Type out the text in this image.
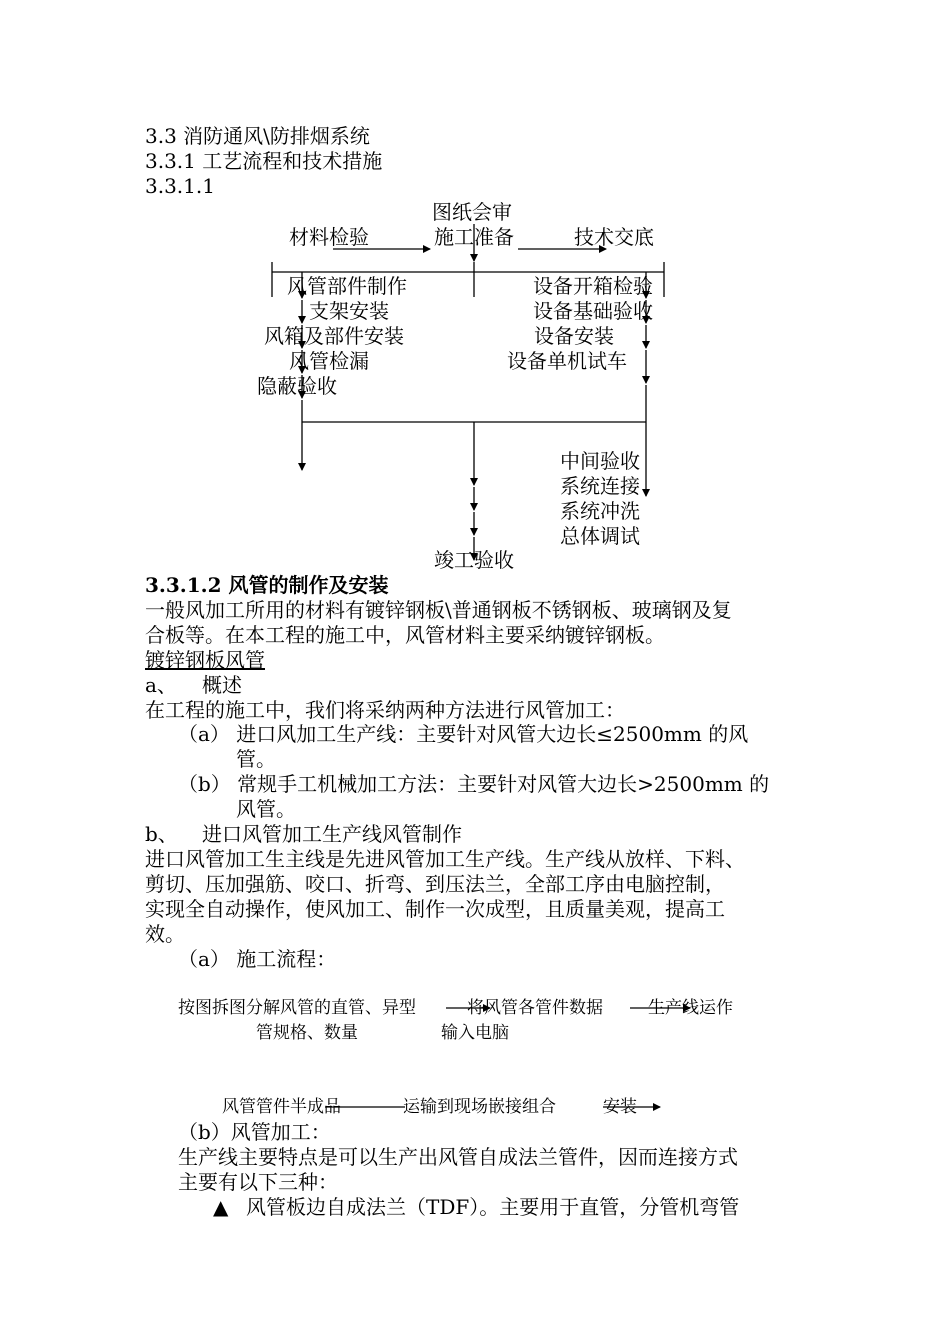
3.3 消防通风\防排烟系统
3.3.1 工艺流程和技术措施
3.3.1.1
图纸会审
材料检验	施工准备	技术交底
风管部件制作
支架安装
风箱及部件安装
风管检漏
隐蔽验收
设备开箱检验
设备基础验收
设备安装
设备单机试车
中间验收
系统连接
系统冲洗
总体调试
竣工验收
3.3.1.2 风管的制作及安装
一般风加工所用的材料有镀锌钢板\普通钢板不锈钢板、玻璃钢及复
合板等。在本工程的施工中，风管材料主要采纳镀锌钢板。
镀锌钢板风管
a、 概述
在工程的施工中，我们将采纳两种方法进行风管加工：
（a） 进口风加工生产线：主要针对风管大边长≤2500mm 的风
管。
（b） 常规手工机械加工方法：主要针对风管大边长>2500mm 的
风管。
b、 进口风管加工生产线风管制作
进口风管加工生主线是先进风管加工生产线。生产线从放样、下料、
剪切、压加强筋、咬口、折弯、到压法兰，全部工序由电脑控制，
实现全自动操作，使风加工、制作一次成型，且质量美观，提高工
效。
（a） 施工流程：
按图拆图分解风管的直管、异型
管规格、数量
将风管各管件数据
输入电脑
生产线运作
风管管件半成品	运输到现场嵌接组合	安装
（b）风管加工：
生产线主要特点是可以生产出风管自成法兰管件，因而连接方式
主要有以下三种：
▲ 风管板边自成法兰（TDF）。主要用于直管，分管机弯管
